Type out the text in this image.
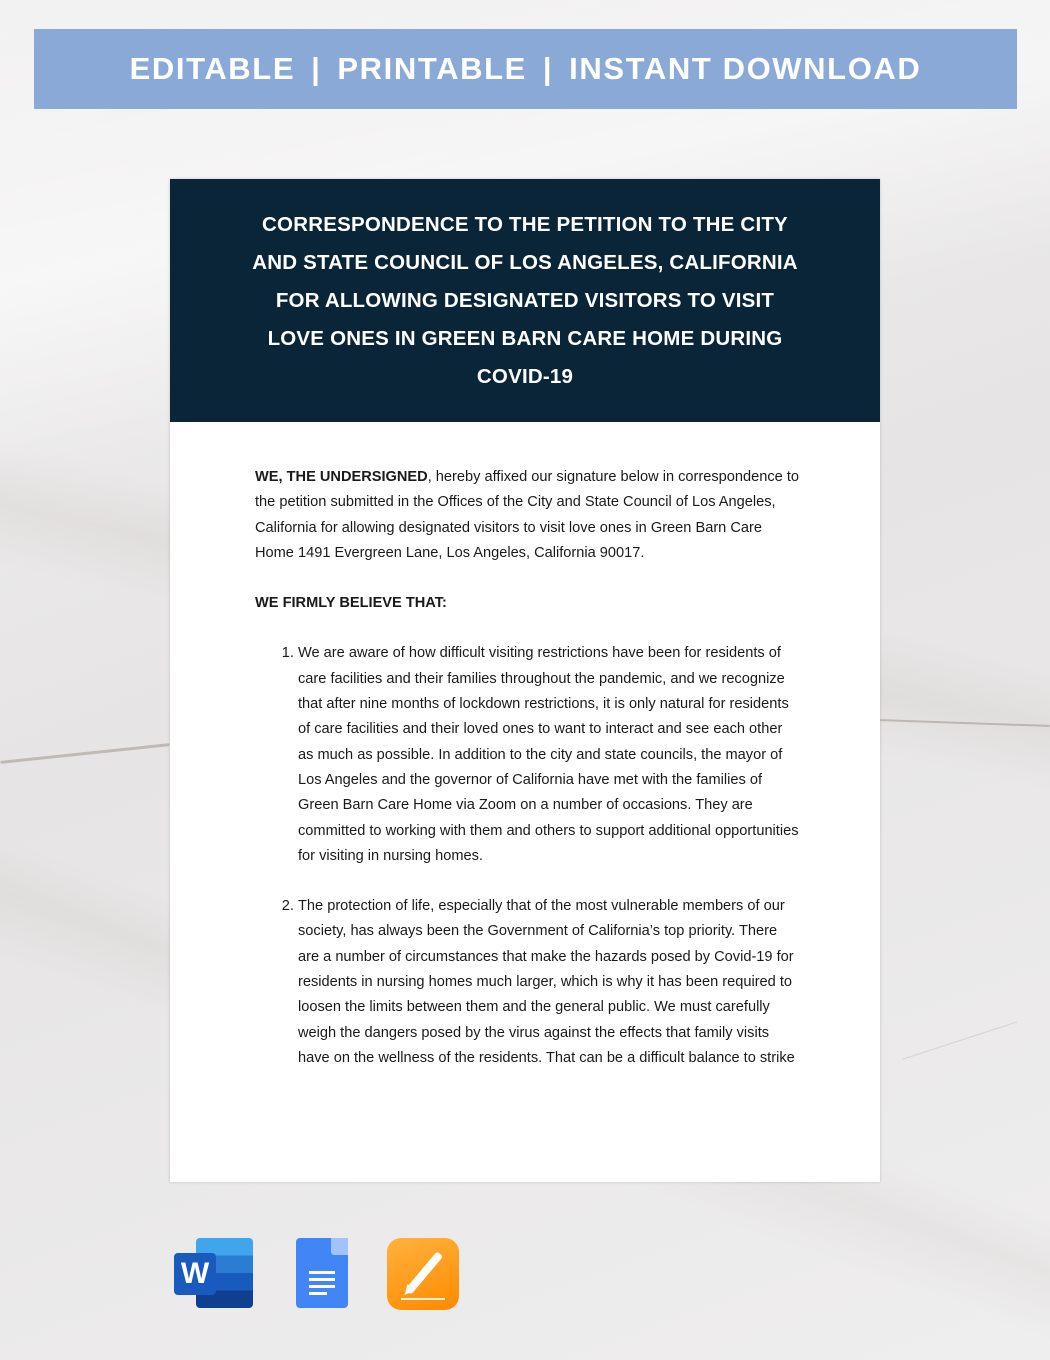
EDITABLE | PRINTABLE | INSTANT DOWNLOAD
CORRESPONDENCE TO THE PETITION TO THE CITY AND STATE COUNCIL OF LOS ANGELES, CALIFORNIA FOR ALLOWING DESIGNATED VISITORS TO VISIT LOVE ONES IN GREEN BARN CARE HOME DURING COVID-19

WE, THE UNDERSIGNED, hereby affixed our signature below in correspondence to the petition submitted in the Offices of the City and State Council of Los Angeles, California for allowing designated visitors to visit love ones in Green Barn Care Home 1491 Evergreen Lane, Los Angeles, California 90017.

WE FIRMLY BELIEVE THAT:

1. We are aware of how difficult visiting restrictions have been for residents of care facilities and their families throughout the pandemic, and we recognize that after nine months of lockdown restrictions, it is only natural for residents of care facilities and their loved ones to want to interact and see each other as much as possible. In addition to the city and state councils, the mayor of Los Angeles and the governor of California have met with the families of Green Barn Care Home via Zoom on a number of occasions. They are committed to working with them and others to support additional opportunities for visiting in nursing homes.
2. The protection of life, especially that of the most vulnerable members of our society, has always been the Government of California’s top priority. There are a number of circumstances that make the hazards posed by Covid-19 for residents in nursing homes much larger, which is why it has been required to loosen the limits between them and the general public. We must carefully weigh the dangers posed by the virus against the effects that family visits have on the wellness of the residents. That can be a difficult balance to strike
W
